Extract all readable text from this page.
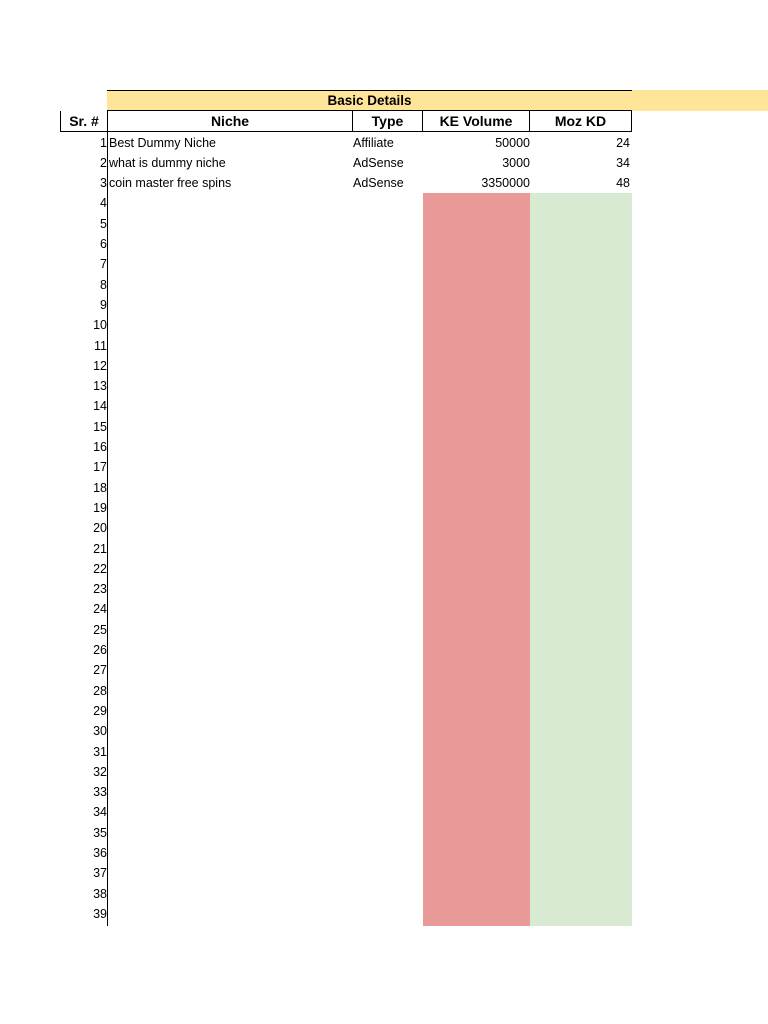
Basic Details
Sr. #	Niche	Type	KE Volume	Moz KD
1 Best Dummy Niche	Affiliate	50000	24
2 what is dummy niche	AdSense	3000	34
3 coin master free spins	AdSense	3350000	48
4
5
6
7
8
9
10
11
12
13
14
15
16
17
18
19
20
21
22
23
24
25
26
27
28
29
30
31
32
33
34
35
36
37
38
39
